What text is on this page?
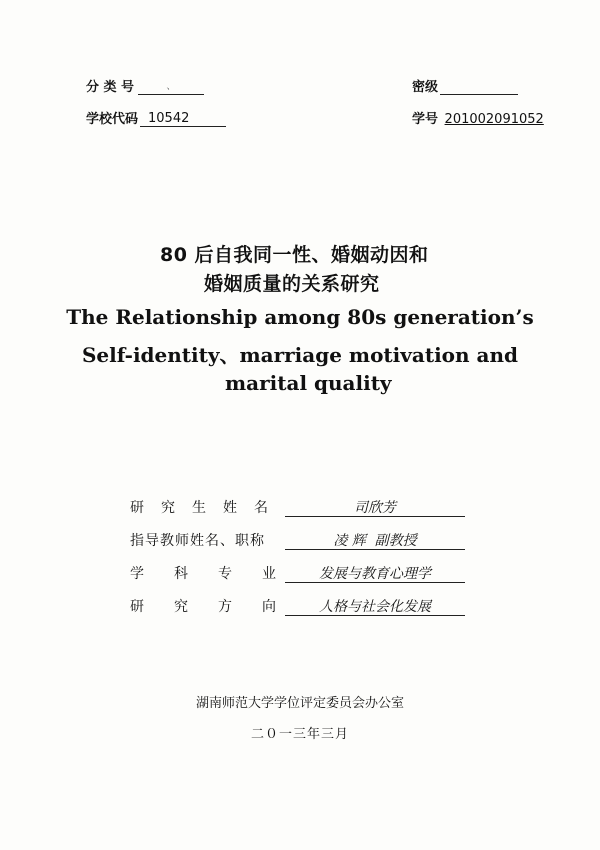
分 类 号	、	密级
学校代码 10542	学号 201002091052
80 后自我同一性、婚姻动因和
婚姻质量的关系研究
The Relationship among 80s generation’s
Self-identity、marriage motivation and
marital quality
研究生姓名	司欣芳
指导教师姓名、职称	凌 辉  副教授
学科专业 发展与教育心理学
研究方向 人格与社会化发展
湖南师范大学学位评定委员会办公室
二０一三年三月
